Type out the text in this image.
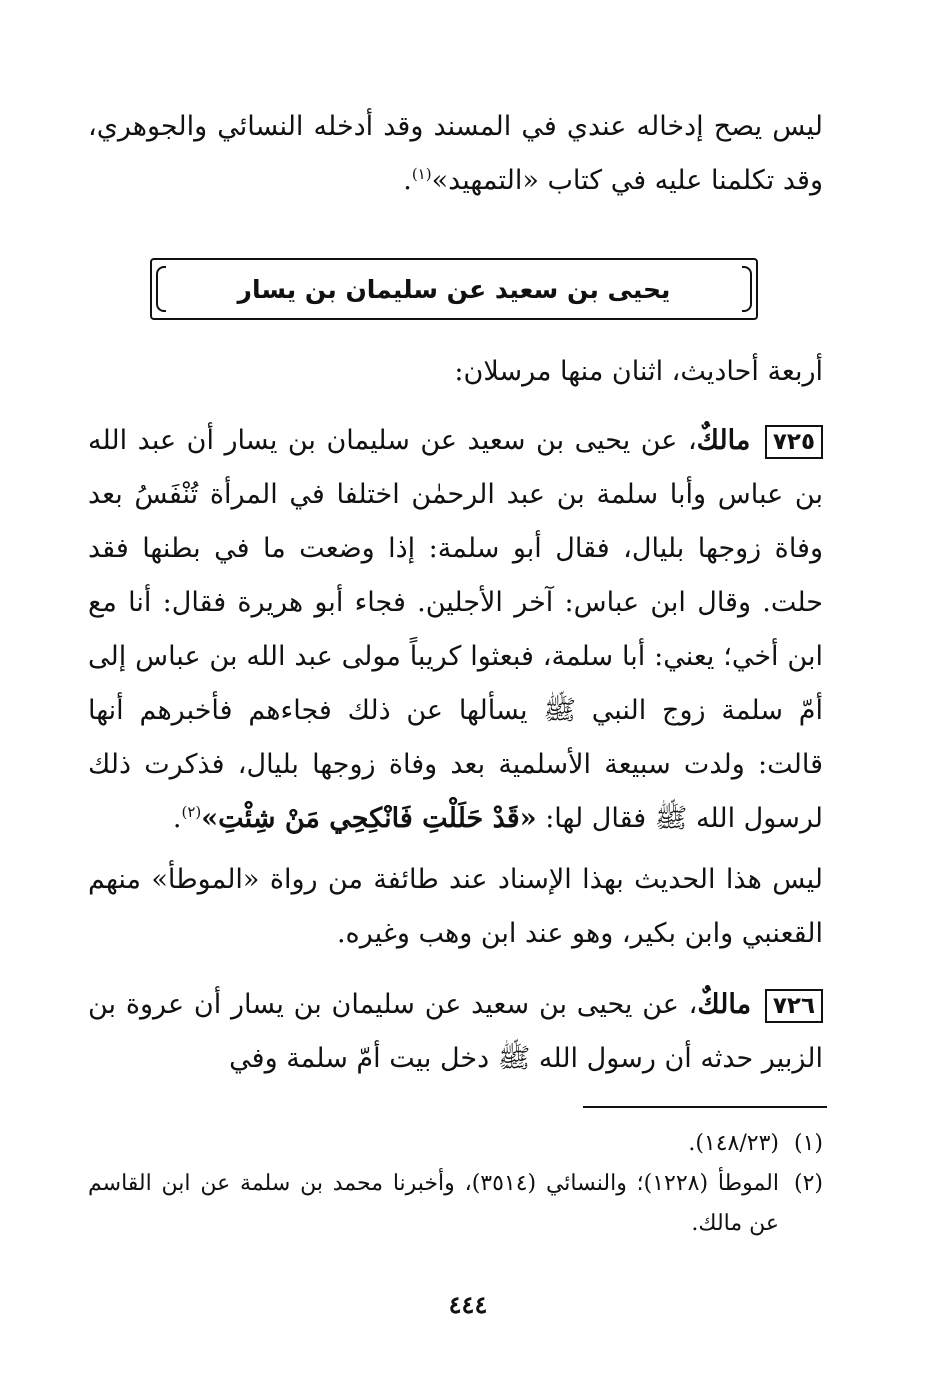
ليس يصح إدخاله عندي في المسند وقد أدخله النسائي والجوهري، وقد تكلمنا عليه في كتاب «التمهيد»$^{(١)}$.

يحيى بن سعيد عن سليمان بن يسار

أربعة أحاديث، اثنان منها مرسلان:

٧٢٥ مالكٌ، عن يحيى بن سعيد عن سليمان بن يسار أن عبد الله بن عباس وأبا سلمة بن عبد الرحمٰن اختلفا في المرأة تُنْفَسُ بعد وفاة زوجها بليال، فقال أبو سلمة: إذا وضعت ما في بطنها فقد حلت. وقال ابن عباس: آخر الأجلين. فجاء أبو هريرة فقال: أنا مع ابن أخي؛ يعني: أبا سلمة، فبعثوا كريباً مولى عبد الله بن عباس إلى أمّ سلمة زوج النبي ﷺ يسألها عن ذلك فجاءهم فأخبرهم أنها قالت: ولدت سبيعة الأسلمية بعد وفاة زوجها بليال، فذكرت ذلك لرسول الله ﷺ فقال لها: «قَدْ حَلَلْتِ فَانْكِحِي مَنْ شِئْتِ»$^{(٢)}$.

ليس هذا الحديث بهذا الإسناد عند طائفة من رواة «الموطأ» منهم القعنبي وابن بكير، وهو عند ابن وهب وغيره.

٧٢٦ مالكٌ، عن يحيى بن سعيد عن سليمان بن يسار أن عروة بن الزبير حدثه أن رسول الله ﷺ دخل بيت أمّ سلمة وفي

(١)
(١٤٨/٢٣).
(٢)
الموطأ (١٢٢٨)؛ والنسائي (٣٥١٤)، وأخبرنا محمد بن سلمة عن ابن القاسم عن مالك.
٤٤٤
